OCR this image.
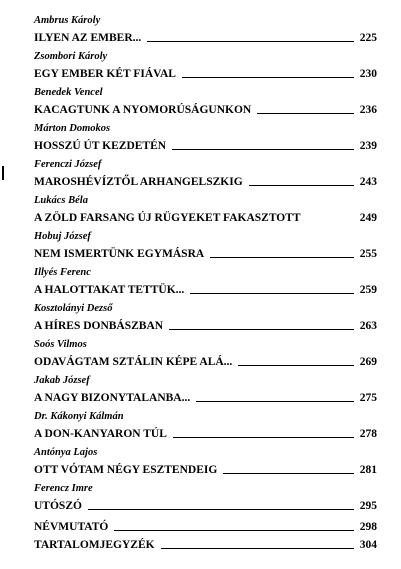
Ambrus Károly
ILYEN AZ EMBER...	225
Zsombori Károly
EGY EMBER KÉT FIÁVAL	230
Benedek Vencel
KACAGTUNK A NYOMORÚSÁGUNKON	236
Márton Domokos
HOSSZÚ ÚT KEZDETÉN	239
Ferenczi József
MAROSHÉVÍZTŐL ARHANGELSZKIG	243
Lukács Béla
A ZÖLD FARSANG ÚJ RÜGYEKET FAKASZTOTT	249
Hobuj József
NEM ISMERTÜNK EGYMÁSRA	255
Illyés Ferenc
A HALOTTAKAT TETTÜK...	259
Kosztolányi Dezső
A HÍRES DONBÁSZBAN	263
Soós Vilmos
ODAVÁGTAM SZTÁLIN KÉPE ALÁ...	269
Jakab József
A NAGY BIZONYTALANBA...	275
Dr. Kákonyi Kálmán
A DON-KANYARON TÚL	278
Antónya Lajos
OTT VÓTAM NÉGY ESZTENDEIG	281
Ferencz Imre
UTÓSZÓ	295
NÉVMUTATÓ	298
TARTALOMJEGYZÉK	304
